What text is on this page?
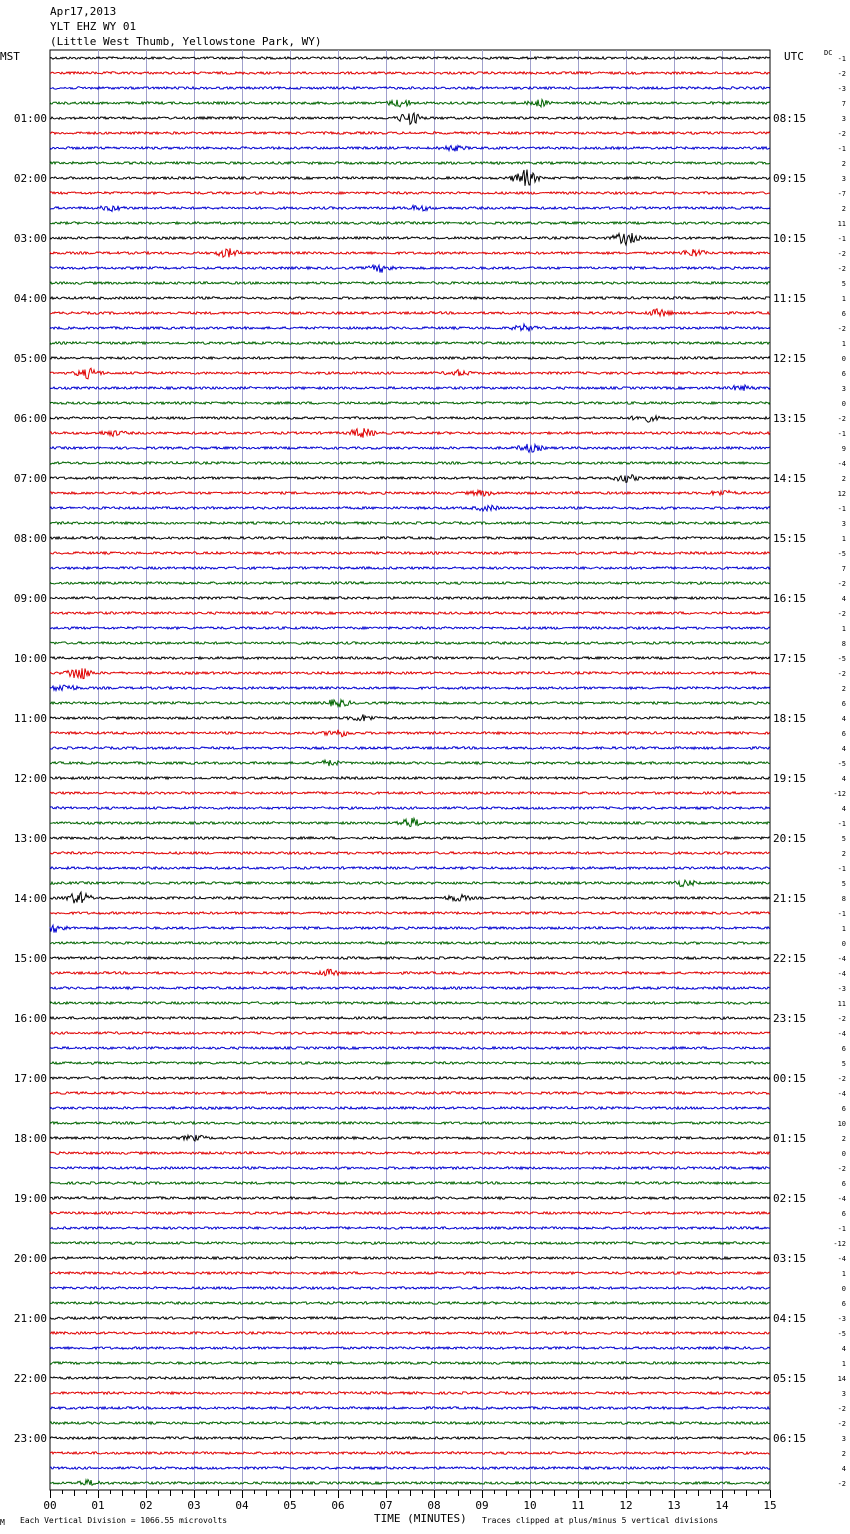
Apr17,2013
YLT EHZ WY 01
(Little West Thumb, Yellowstone Park, WY)
MST	UTC	DC
01:00
02:00
03:00
04:00
05:00
06:00
07:00
08:00
09:00
10:00
11:00
12:00
13:00
14:00
15:00
16:00
17:00
18:00
19:00
20:00
21:00
22:00
23:00
08:15
09:15
10:15
11:15
12:15
13:15
14:15
15:15
16:15
17:15
18:15
19:15
20:15
21:15
22:15
23:15
00:15
01:15
02:15
03:15
04:15
05:15
06:15
-1
-2
-3
7
3
-2
-1
2
3
-7
2
11
-1
-2
-2
5
1
6
-2
1
0
6
3
0
-2
-1
9
-4
2
12
-1
3
1
-5
7
-2
4
-2
1
8
-5
-2
2
6
4
6
4
-5
4
-12
4
-1
5
2
-1
5
8
-1
1
0
-4
-4
-3
11
-2
-4
6
5
-2
-4
6
10
2
0
-2
6
-4
6
-1
-12
-4
1
0
6
-3
-5
4
1
14
3
-2
-2
3
2
4
-2
00	01	02	03	04	05	06	07	08	09	10	11	12	13	14	15
M Each Vertical Division = 1066.55 microvolts	TIME (MINUTES) Traces clipped at plus/minus 5 vertical divisions
